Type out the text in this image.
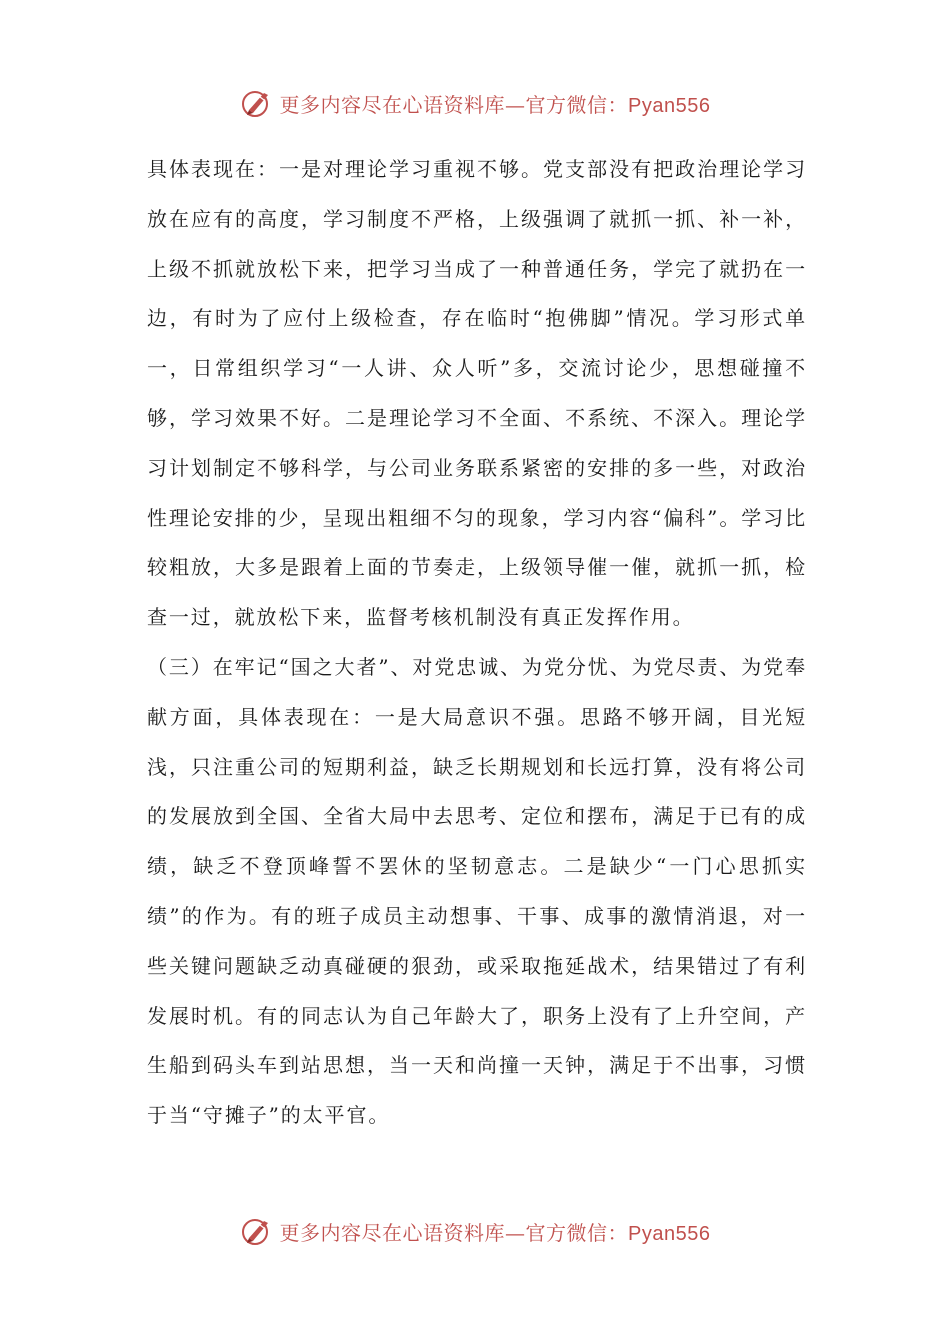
更多内容尽在心语资料库—官方微信：Pyan556

具体表现在：一是对理论学习重视不够。党支部没有把政治理论学习放在应有的高度，学习制度不严格，上级强调了就抓一抓、补一补，上级不抓就放松下来，把学习当成了一种普通任务，学完了就扔在一边，有时为了应付上级检查，存在临时“抱佛脚”情况。学习形式单一，日常组织学习“一人讲、众人听”多，交流讨论少，思想碰撞不够，学习效果不好。二是理论学习不全面、不系统、不深入。理论学习计划制定不够科学，与公司业务联系紧密的安排的多一些，对政治性理论安排的少，呈现出粗细不匀的现象，学习内容“偏科”。学习比较粗放，大多是跟着上面的节奏走，上级领导催一催，就抓一抓，检查一过，就放松下来，监督考核机制没有真正发挥作用。

（三）在牢记“国之大者”、对党忠诚、为党分忧、为党尽责、为党奉献方面，具体表现在：一是大局意识不强。思路不够开阔，目光短浅，只注重公司的短期利益，缺乏长期规划和长远打算，没有将公司的发展放到全国、全省大局中去思考、定位和摆布，满足于已有的成绩，缺乏不登顶峰誓不罢休的坚韧意志。二是缺少“一门心思抓实绩”的作为。有的班子成员主动想事、干事、成事的激情消退，对一些关键问题缺乏动真碰硬的狠劲，或采取拖延战术，结果错过了有利发展时机。有的同志认为自己年龄大了，职务上没有了上升空间，产生船到码头车到站思想，当一天和尚撞一天钟，满足于不出事，习惯于当“守摊子”的太平官。

更多内容尽在心语资料库—官方微信：Pyan556
